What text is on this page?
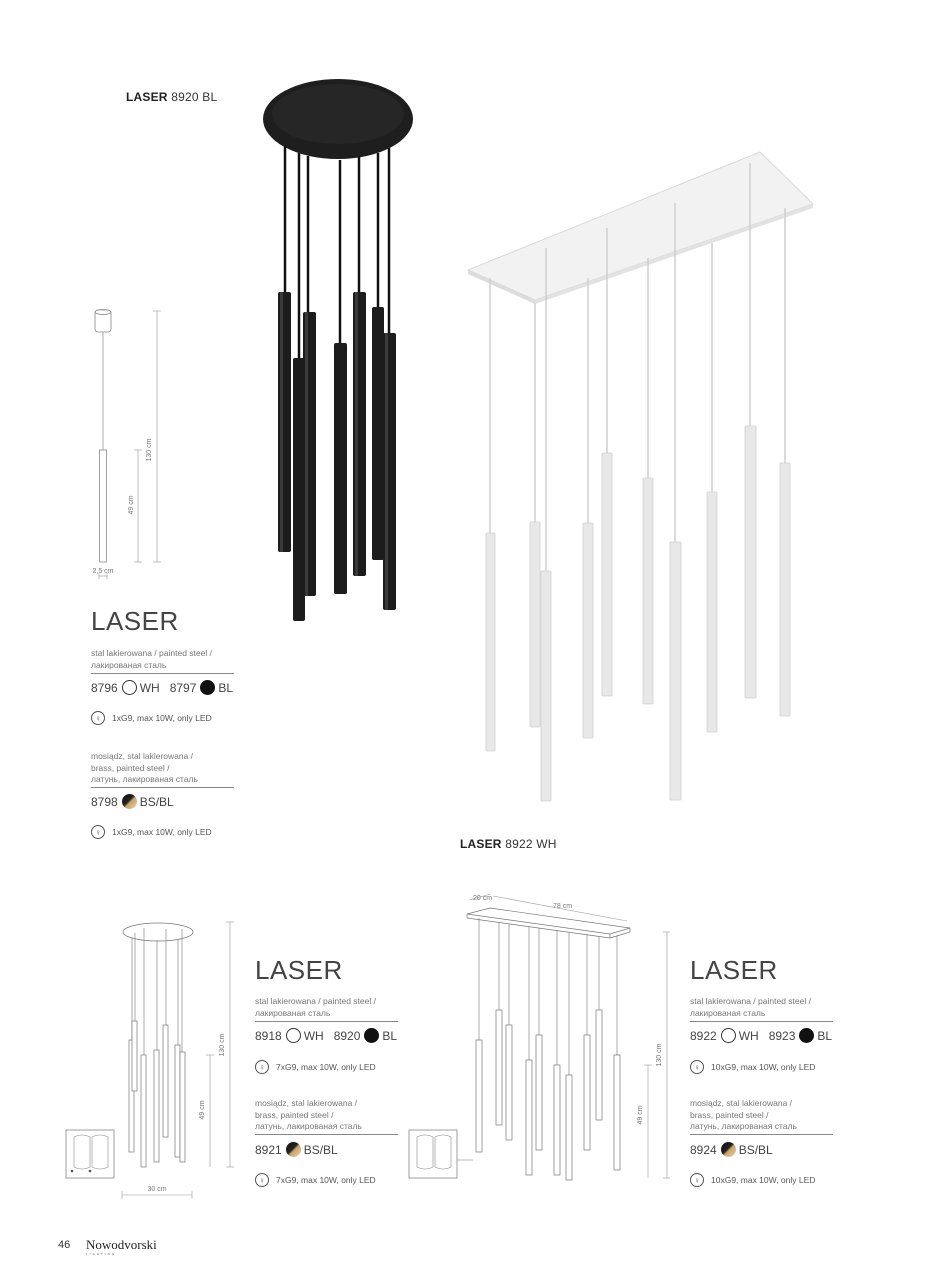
LASER 8920 BL
130 cm
49 cm
2,5 cm
LASER
stal lakierowana / painted steel /
лакированая сталь
8796 WH 8797 BL
♀	1xG9, max 10W, only LED
mosiądz, stal lakierowana /
brass, painted steel /
латунь, лакированая сталь
8798 BS/BL
♀	1xG9, max 10W, only LED
LASER 8922 WH
130 cm
49 cm
30 cm
LASER
stal lakierowana / painted steel /
лакированая сталь
8918 WH 8920 BL
♀	7xG9, max 10W, only LED
mosiądz, stal lakierowana /
brass, painted steel /
латунь, лакированая сталь
8921 BS/BL
♀	7xG9, max 10W, only LED
20 cm
78 cm
130 cm
49 cm
LASER
stal lakierowana / painted steel /
лакированая сталь
8922 WH 8923 BL
♀	10xG9, max 10W, only LED
mosiądz, stal lakierowana /
brass, painted steel /
латунь, лакированая сталь
8924 BS/BL
♀	10xG9, max 10W, only LED
46 Nowodvorski
LIGHTING
